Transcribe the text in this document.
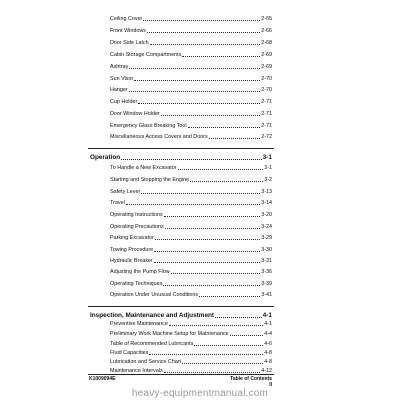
Ceiling Cover	2-65
Front Windows	2-66
Door Side Latch	2-68
Cabin Storage Compartments	2-69
Ashtray	2-69
Sun Visor	2-70
Hanger	2-70
Cup Holder	2-71
Door Window Holder	2-71
Emergency Glass Breaking Tool	2-71
Miscellaneous Access Covers and Doors	2-72
Operation	3-1
To Handle a New Excavator	3-1
Starting and Stopping the Engine	3-2
Safety Lever	3-13
Travel	3-14
Operating Instructions	3-20
Operating Precautions	3-24
Parking Excavator	3-29
Towing Procedure	3-30
Hydraulic Breaker	3-31
Adjusting the Pump Flow	3-36
Operating Techniques	3-39
Operation Under Unusual Conditions	3-41
Inspection, Maintenance and Adjustment	4-1
Preventive Maintenance	4-1
Preliminary Work Machine Setup for Maintenance	4-4
Table of Recommended Lubricants	4-6
Fluid Capacities	4-8
Lubrication and Service Chart	4-8
Maintenance Intervals	4-12
K1009094E	Table of Contents
II
heavy-equipmentmanual.com
